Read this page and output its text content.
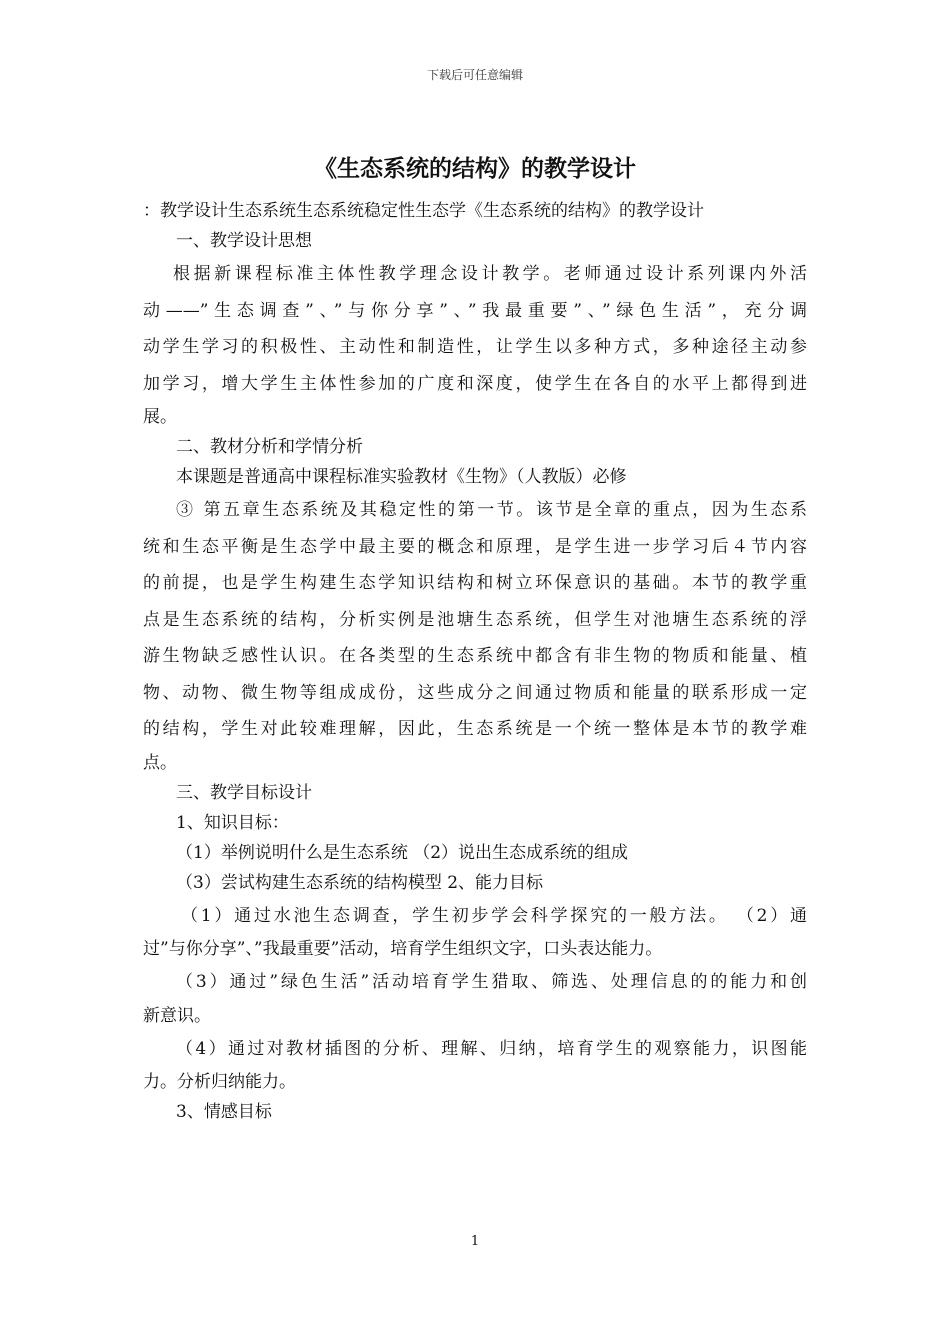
下载后可任意编辑
《生态系统的结构》的教学设计
：教学设计生态系统生态系统稳定性生态学《生态系统的结构》的教学设计
一、教学设计思想
根据新课程标准主体性教学理念设计教学。老师通过设计系列课内外活
动——”生态调查”、”与你分享”、”我最重要”、”绿色生活”，充分调
动学生学习的积极性、主动性和制造性，让学生以多种方式，多种途径主动参
加学习，增大学生主体性参加的广度和深度，使学生在各自的水平上都得到进
展。
二、教材分析和学情分析
本课题是普通高中课程标准实验教材《生物》（人教版）必修
③ 第五章生态系统及其稳定性的第一节。该节是全章的重点，因为生态系
统和生态平衡是生态学中最主要的概念和原理，是学生进一步学习后４节内容
的前提，也是学生构建生态学知识结构和树立环保意识的基础。本节的教学重
点是生态系统的结构，分析实例是池塘生态系统，但学生对池塘生态系统的浮
游生物缺乏感性认识。在各类型的生态系统中都含有非生物的物质和能量、植
物、动物、微生物等组成成份，这些成分之间通过物质和能量的联系形成一定
的结构，学生对此较难理解，因此，生态系统是一个统一整体是本节的教学难
点。
三、教学目标设计
1、知识目标：
（1）举例说明什么是生态系统 （2）说出生态成系统的组成
（3）尝试构建生态系统的结构模型 2、能力目标
（1）通过水池生态调查，学生初步学会科学探究的一般方法。 （2）通
过”与你分享”、”我最重要”活动，培育学生组织文字，口头表达能力。
（3）通过”绿色生活”活动培育学生猎取、筛选、处理信息的的能力和创
新意识。
（4）通过对教材插图的分析、理解、归纳，培育学生的观察能力，识图能
力。分析归纳能力。
3、情感目标
1
